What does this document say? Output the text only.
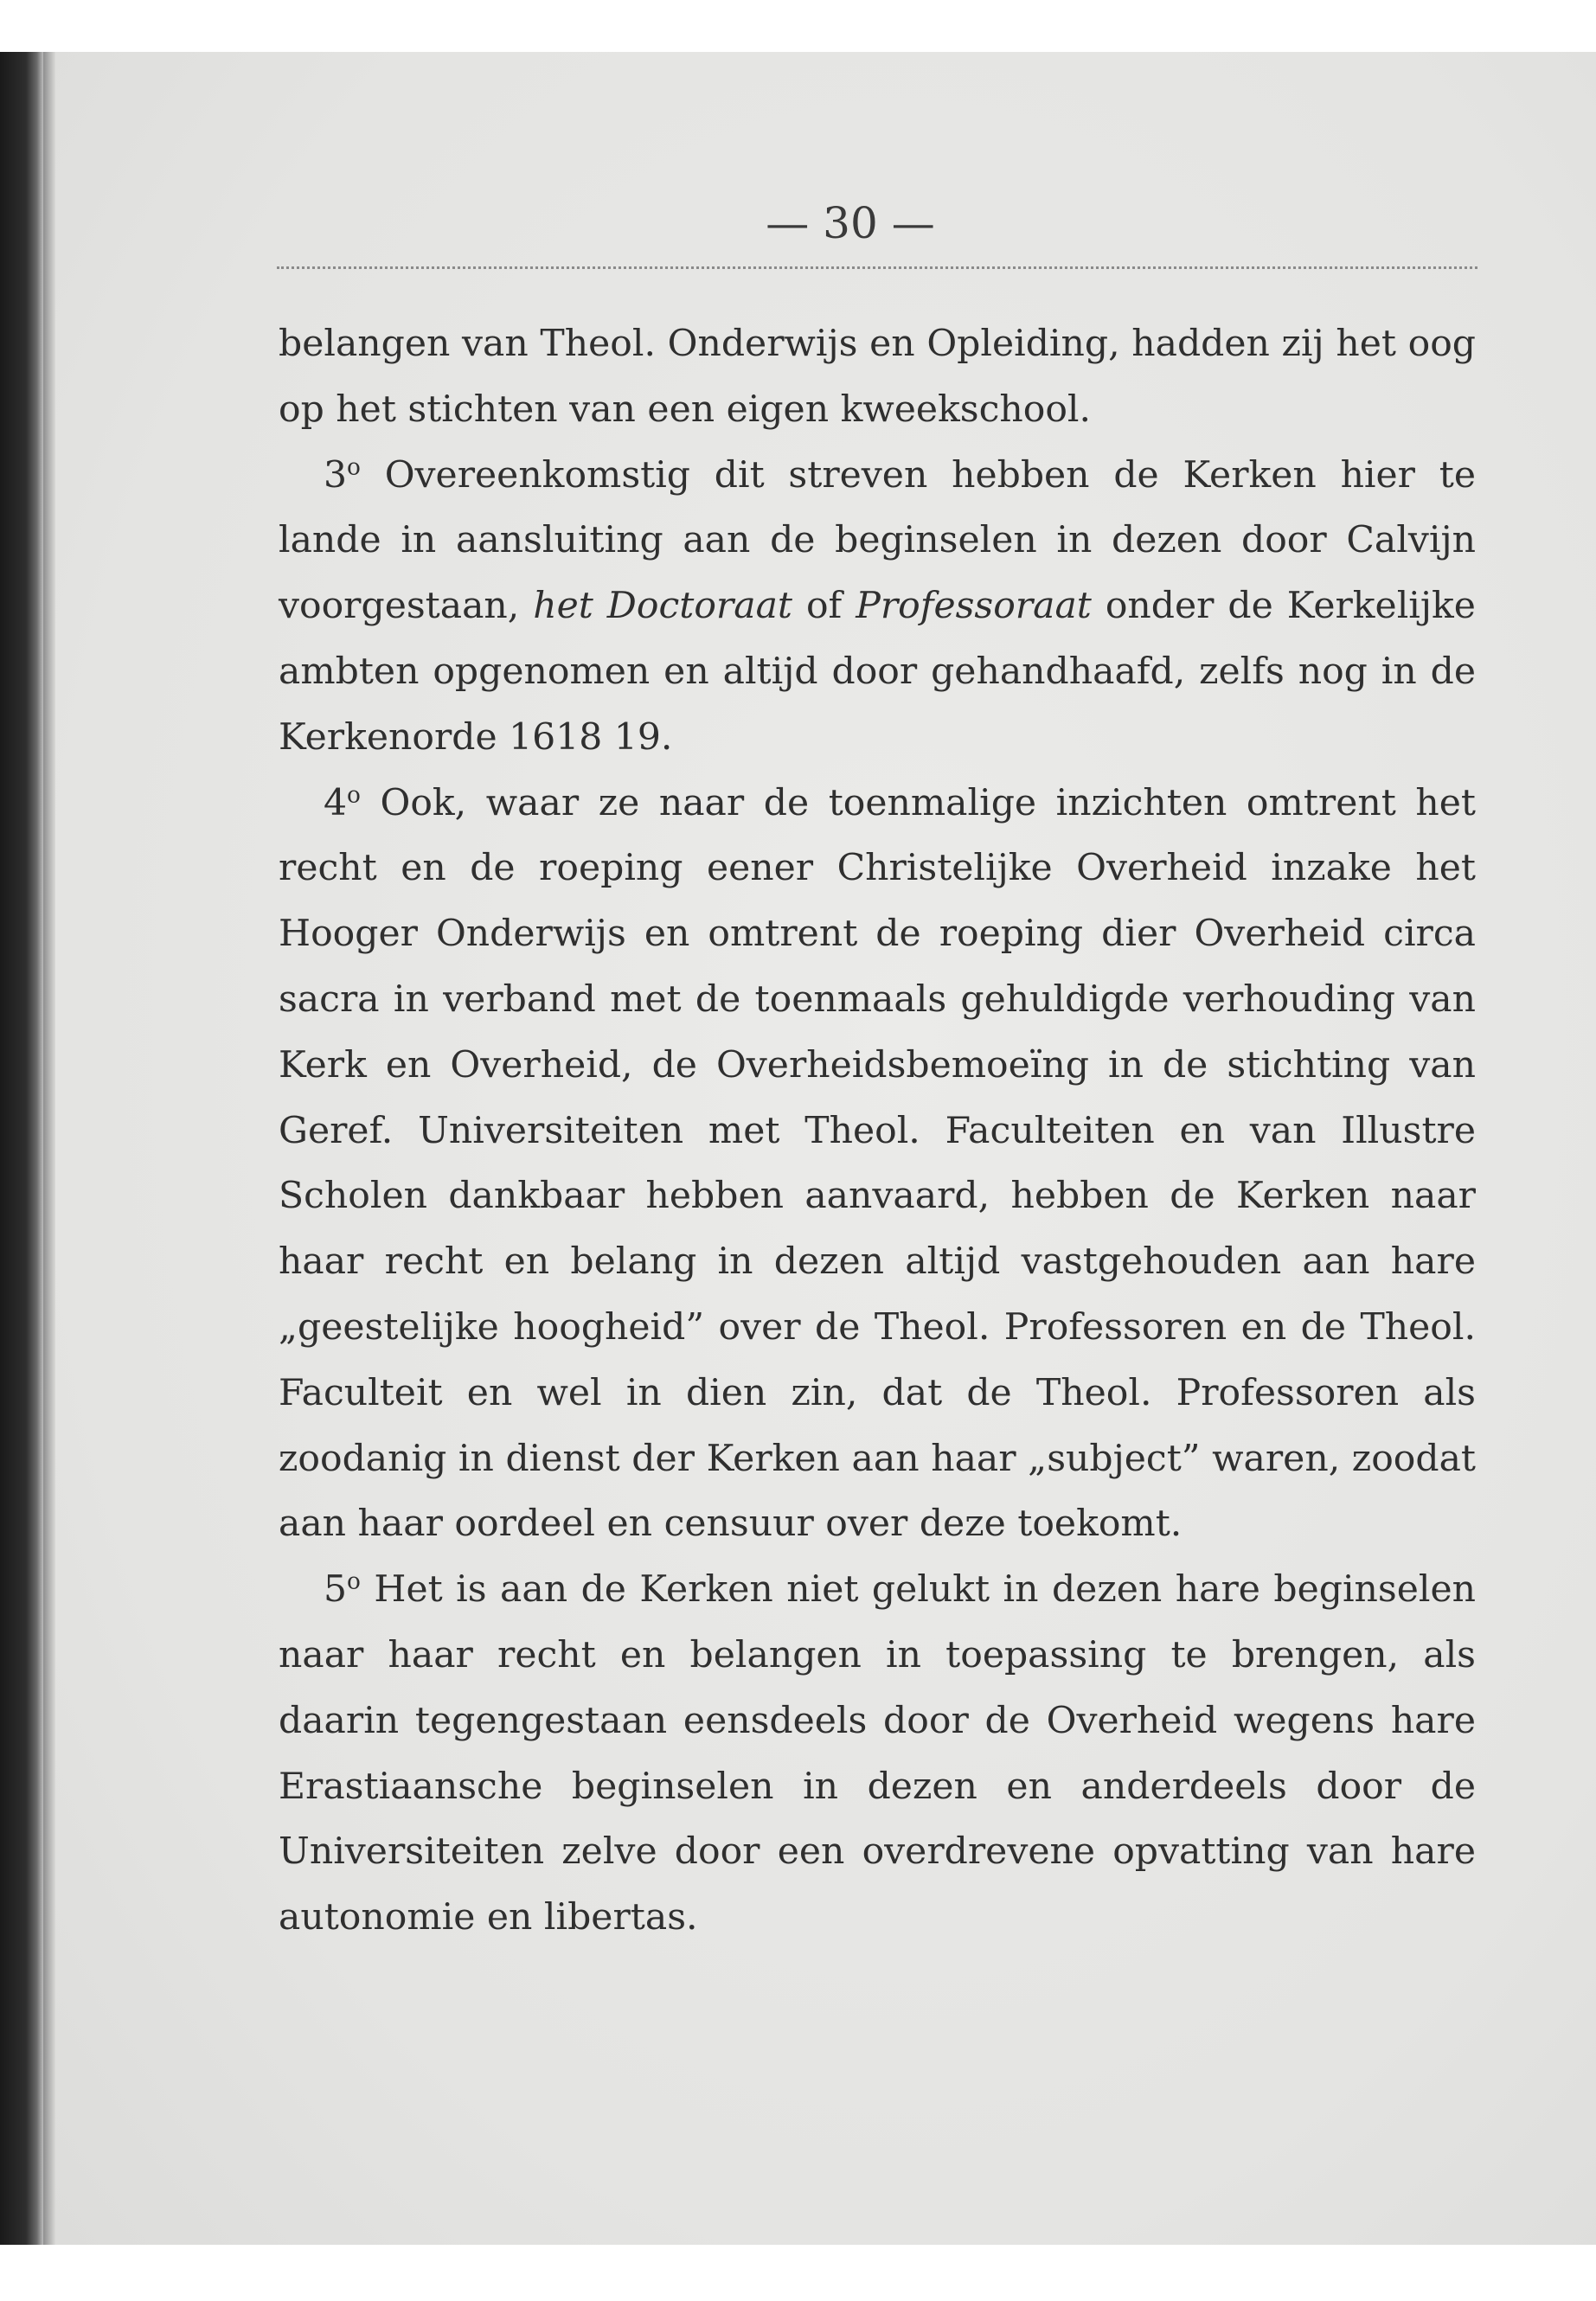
— 30 —

belangen van Theol. Onderwijs en Opleiding, hadden zij het oog op het stichten van een eigen kweekschool.

3$^o$ Overeenkomstig dit streven hebben de Kerken hier te lande in aansluiting aan de beginselen in dezen door Calvijn voorgestaan, het Doctoraat of Professoraat onder de Kerkelijke ambten opgenomen en altijd door gehandhaafd, zelfs nog in de Kerkenorde 1618 19.

4$^o$ Ook, waar ze naar de toenmalige inzichten omtrent het recht en de roeping eener Christelijke Overheid inzake het Hooger Onderwijs en omtrent de roeping dier Overheid circa sacra in verband met de toenmaals gehuldigde verhouding van Kerk en Overheid, de Overheidsbemoeïng in de stichting van Geref. Universiteiten met Theol. Faculteiten en van Illustre Scholen dankbaar hebben aanvaard, hebben de Kerken naar haar recht en belang in dezen altijd vastgehouden aan hare „geestelijke hoogheid” over de Theol. Professoren en de Theol. Faculteit en wel in dien zin, dat de Theol. Professoren als zoodanig in dienst der Kerken aan haar „subject” waren, zoodat aan haar oordeel en censuur over deze toekomt.

5$^o$ Het is aan de Kerken niet gelukt in dezen hare beginselen naar haar recht en belangen in toepassing te brengen, als daarin tegengestaan eensdeels door de Overheid wegens hare Erastiaansche beginselen in dezen en anderdeels door de Universiteiten zelve door een overdrevene opvatting van hare autonomie en libertas.
